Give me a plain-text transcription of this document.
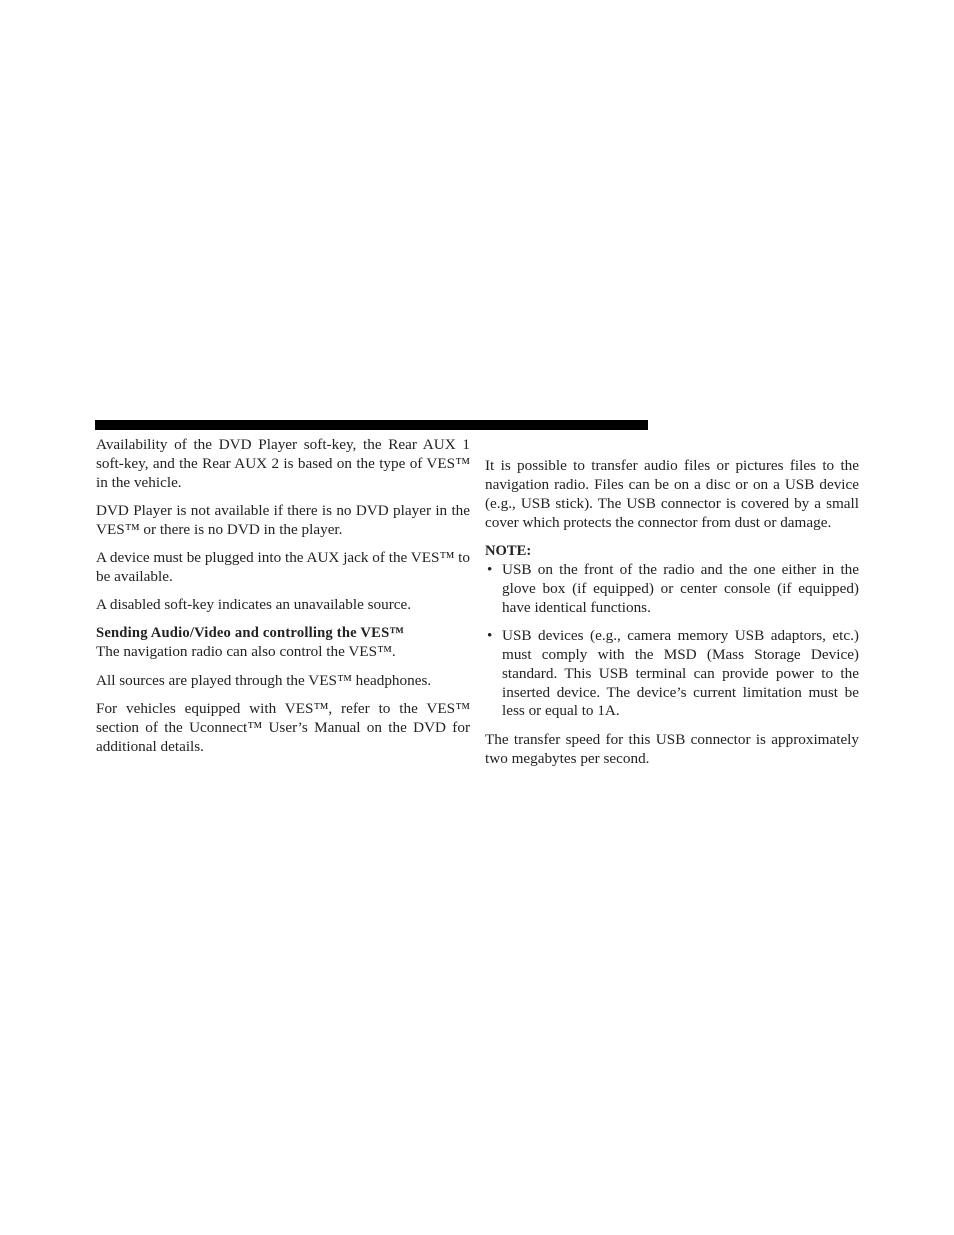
Availability of the DVD Player soft-key, the Rear AUX 1 soft-key, and the Rear AUX 2 is based on the type of VES™ in the vehicle.

DVD Player is not available if there is no DVD player in the VES™ or there is no DVD in the player.

A device must be plugged into the AUX jack of the VES™ to be available.

A disabled soft-key indicates an unavailable source.

Sending Audio/Video and controlling the VES™

The navigation radio can also control the VES™.

All sources are played through the VES™ headphones.

For vehicles equipped with VES™, refer to the VES™ section of the Uconnect™ User’s Manual on the DVD for additional details.

It is possible to transfer audio files or pictures files to the navigation radio. Files can be on a disc or on a USB device (e.g., USB stick). The USB connector is covered by a small cover which protects the connector from dust or damage.

NOTE:
• USB on the front of the radio and the one either in the glove box (if equipped) or center console (if equipped) have identical functions.
• USB devices (e.g., camera memory USB adaptors, etc.) must comply with the MSD (Mass Storage Device) standard. This USB terminal can provide power to the inserted device. The device’s current limitation must be less or equal to 1A.

The transfer speed for this USB connector is approximately two megabytes per second.
